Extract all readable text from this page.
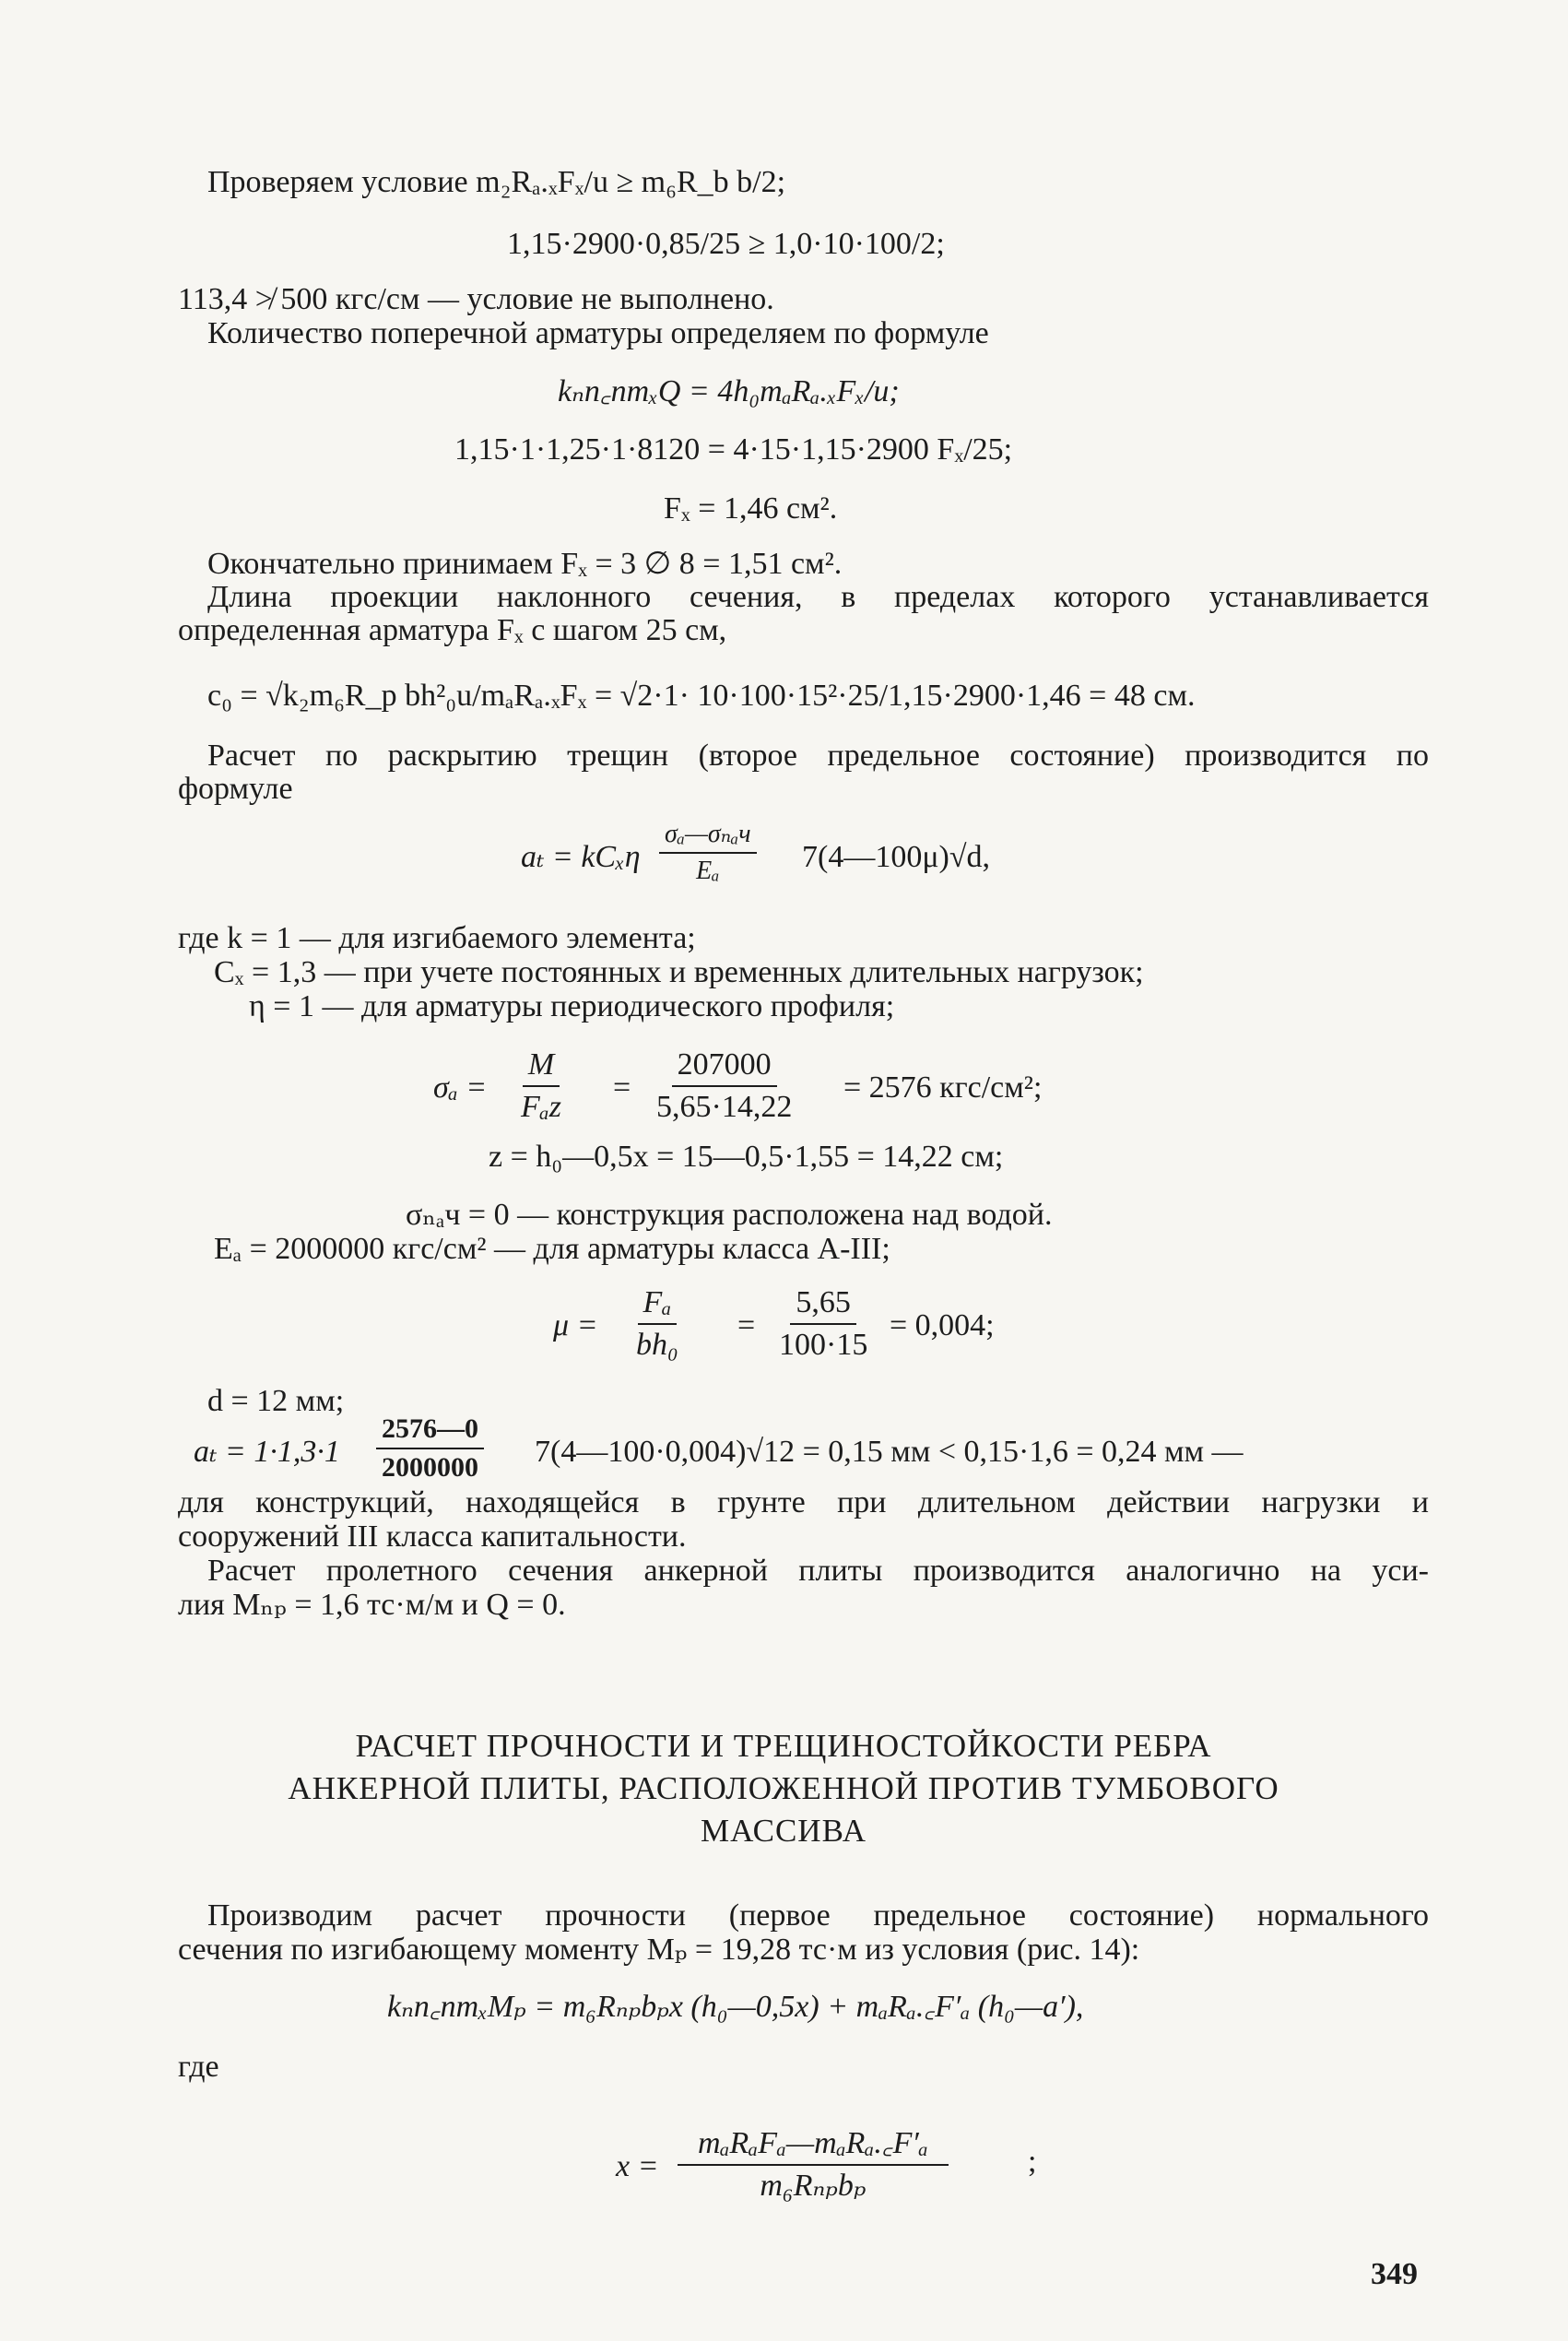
Проверяем условие m₂Rₐ.ₓFₓ/u ≥ m₆R_b b/2;
1,15·2900·0,85/25 ≥ 1,0·10·100/2;
113,4 ≯ 500 кгс/см — условие не выполнено.
Количество поперечной арматуры определяем по формуле
kₙn꜀nmₓQ = 4h₀mₐRₐ.ₓFₓ/u;
1,15·1·1,25·1·8120 = 4·15·1,15·2900 Fₓ/25;
Fₓ = 1,46 см².
Окончательно принимаем Fₓ = 3 ∅ 8 = 1,51 см².
Длина проекции наклонного сечения, в пределах которого устанавливается
определенная арматура Fₓ с шагом 25 см,
c₀ = √k₂m₆R_p bh²₀u/mₐRₐ.ₓFₓ = √2·1· 10·100·15²·25/1,15·2900·1,46 = 48 см.
Расчет по раскрытию трещин (второе предельное состояние) производится по
формуле
aₜ = kCₓη
σₐ—σₙₐч
Eₐ	7(4—100μ)√d,
где k = 1 — для изгибаемого элемента;
Cₓ = 1,3 — при учете постоянных и временных длительных нагрузок;
η = 1 — для арматуры периодического профиля;
σₐ =
M
Fₐz
= $\frac{207000}{5,65\cdot 14,22} = 2576$ кгс/см²;
z = h₀—0,5x = 15—0,5·1,55 = 14,22 см;
σₙₐч = 0 — конструкция расположена над водой.
Eₐ = 2000000 кгс/см² — для арматуры класса A-III;
$\mu = \frac{\text{Fₐ}}{\text{bh₀}} = \frac{5,65}{100\cdot 15} = 0,004$;
d = 12 мм;
$a_t = 1\cdot 1,3\cdot 1 \frac{2576—0}{2000000}$ 7(4—100·0,004)√12 = 0,15 мм < 0,15·1,6 = 0,24 мм —
для конструкций, находящейся в грунте при длительном действии нагрузки и
сооружений III класса капитальности.
Расчет пролетного сечения анкерной плиты производится аналогично на уси-
лия Mₙₚ = 1,6 тс·м/м и Q = 0.
РАСЧЕТ ПРОЧНОСТИ И ТРЕЩИНОСТОЙКОСТИ РЕБРА
АНКЕРНОЙ ПЛИТЫ, РАСПОЛОЖЕННОЙ ПРОТИВ ТУМБОВОГО
МАССИВА
Производим расчет прочности (первое предельное состояние) нормального
сечения по изгибающему моменту Mₚ = 19,28 тс·м из условия (рис. 14):
kₙn꜀nmₓMₚ = m₆Rₙₚbₚx (h₀—0,5x) + mₐRₐ.꜀F′ₐ (h₀—a′),
где
x =
mₐRₐFₐ—mₐRₐ.꜀F′ₐ
m₆Rₙₚbₚ
;
349
